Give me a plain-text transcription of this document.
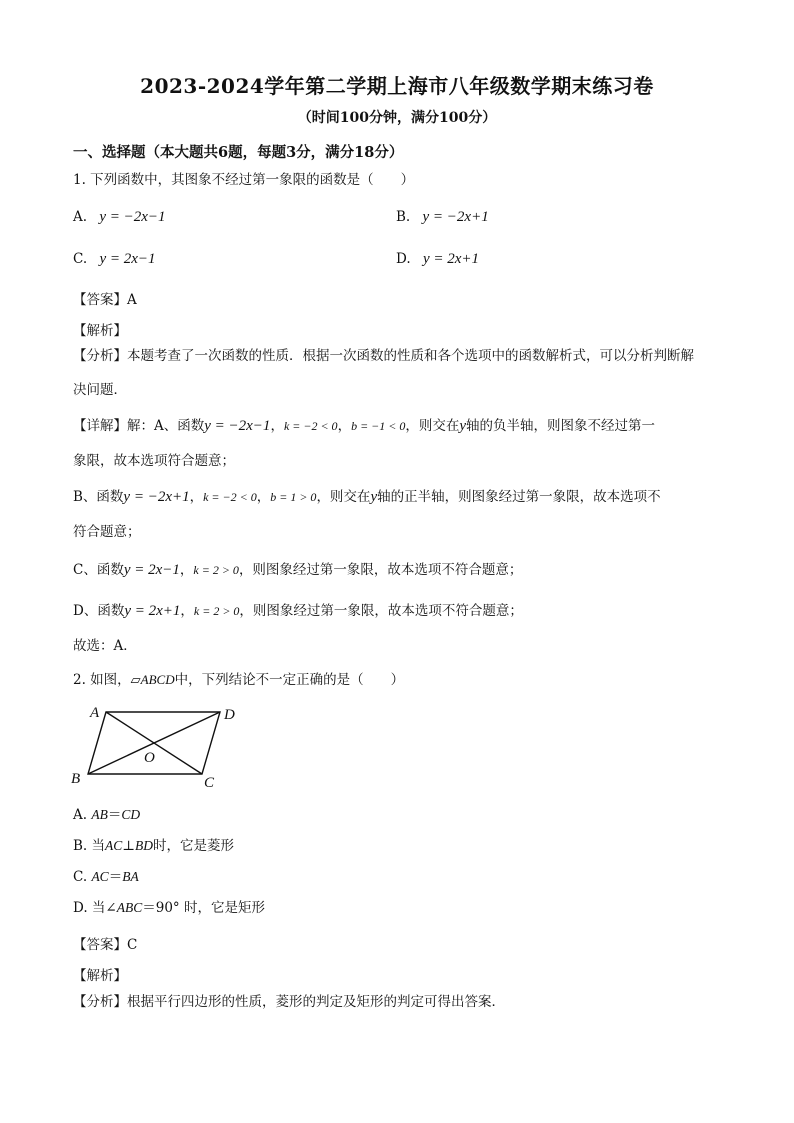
2023-2024学年第二学期上海市八年级数学期末练习卷
（时间100分钟，满分100分）
一、选择题（本大题共6题，每题3分，满分18分）
1. 下列函数中，其图象不经过第一象限的函数是（　　）
A. y = −2x−1	B. y = −2x+1
C. y = 2x−1	D. y = 2x+1
【答案】A
【解析】
【分析】本题考查了一次函数的性质．根据一次函数的性质和各个选项中的函数解析式，可以分析判断解
决问题．
【详解】解：A、函数y = −2x−1，k = −2 < 0，b = −1 < 0，则交在y轴的负半轴，则图象不经过第一
象限，故本选项符合题意；
B、函数y = −2x+1，k = −2 < 0，b = 1 > 0，则交在y轴的正半轴，则图象经过第一象限，故本选项不
符合题意；
C、函数y = 2x−1，k = 2 > 0，则图象经过第一象限，故本选项不符合题意；
D、函数y = 2x+1，k = 2 > 0，则图象经过第一象限，故本选项不符合题意；
故选：A．
2. 如图，▱ABCD中，下列结论不一定正确的是（　　）
A	D
B	C
O
A. AB＝CD
B. 当AC⊥BD时，它是菱形
C. AC＝BA
D. 当∠ABC＝90° 时，它是矩形
【答案】C
【解析】
【分析】根据平行四边形的性质，菱形的判定及矩形的判定可得出答案．
